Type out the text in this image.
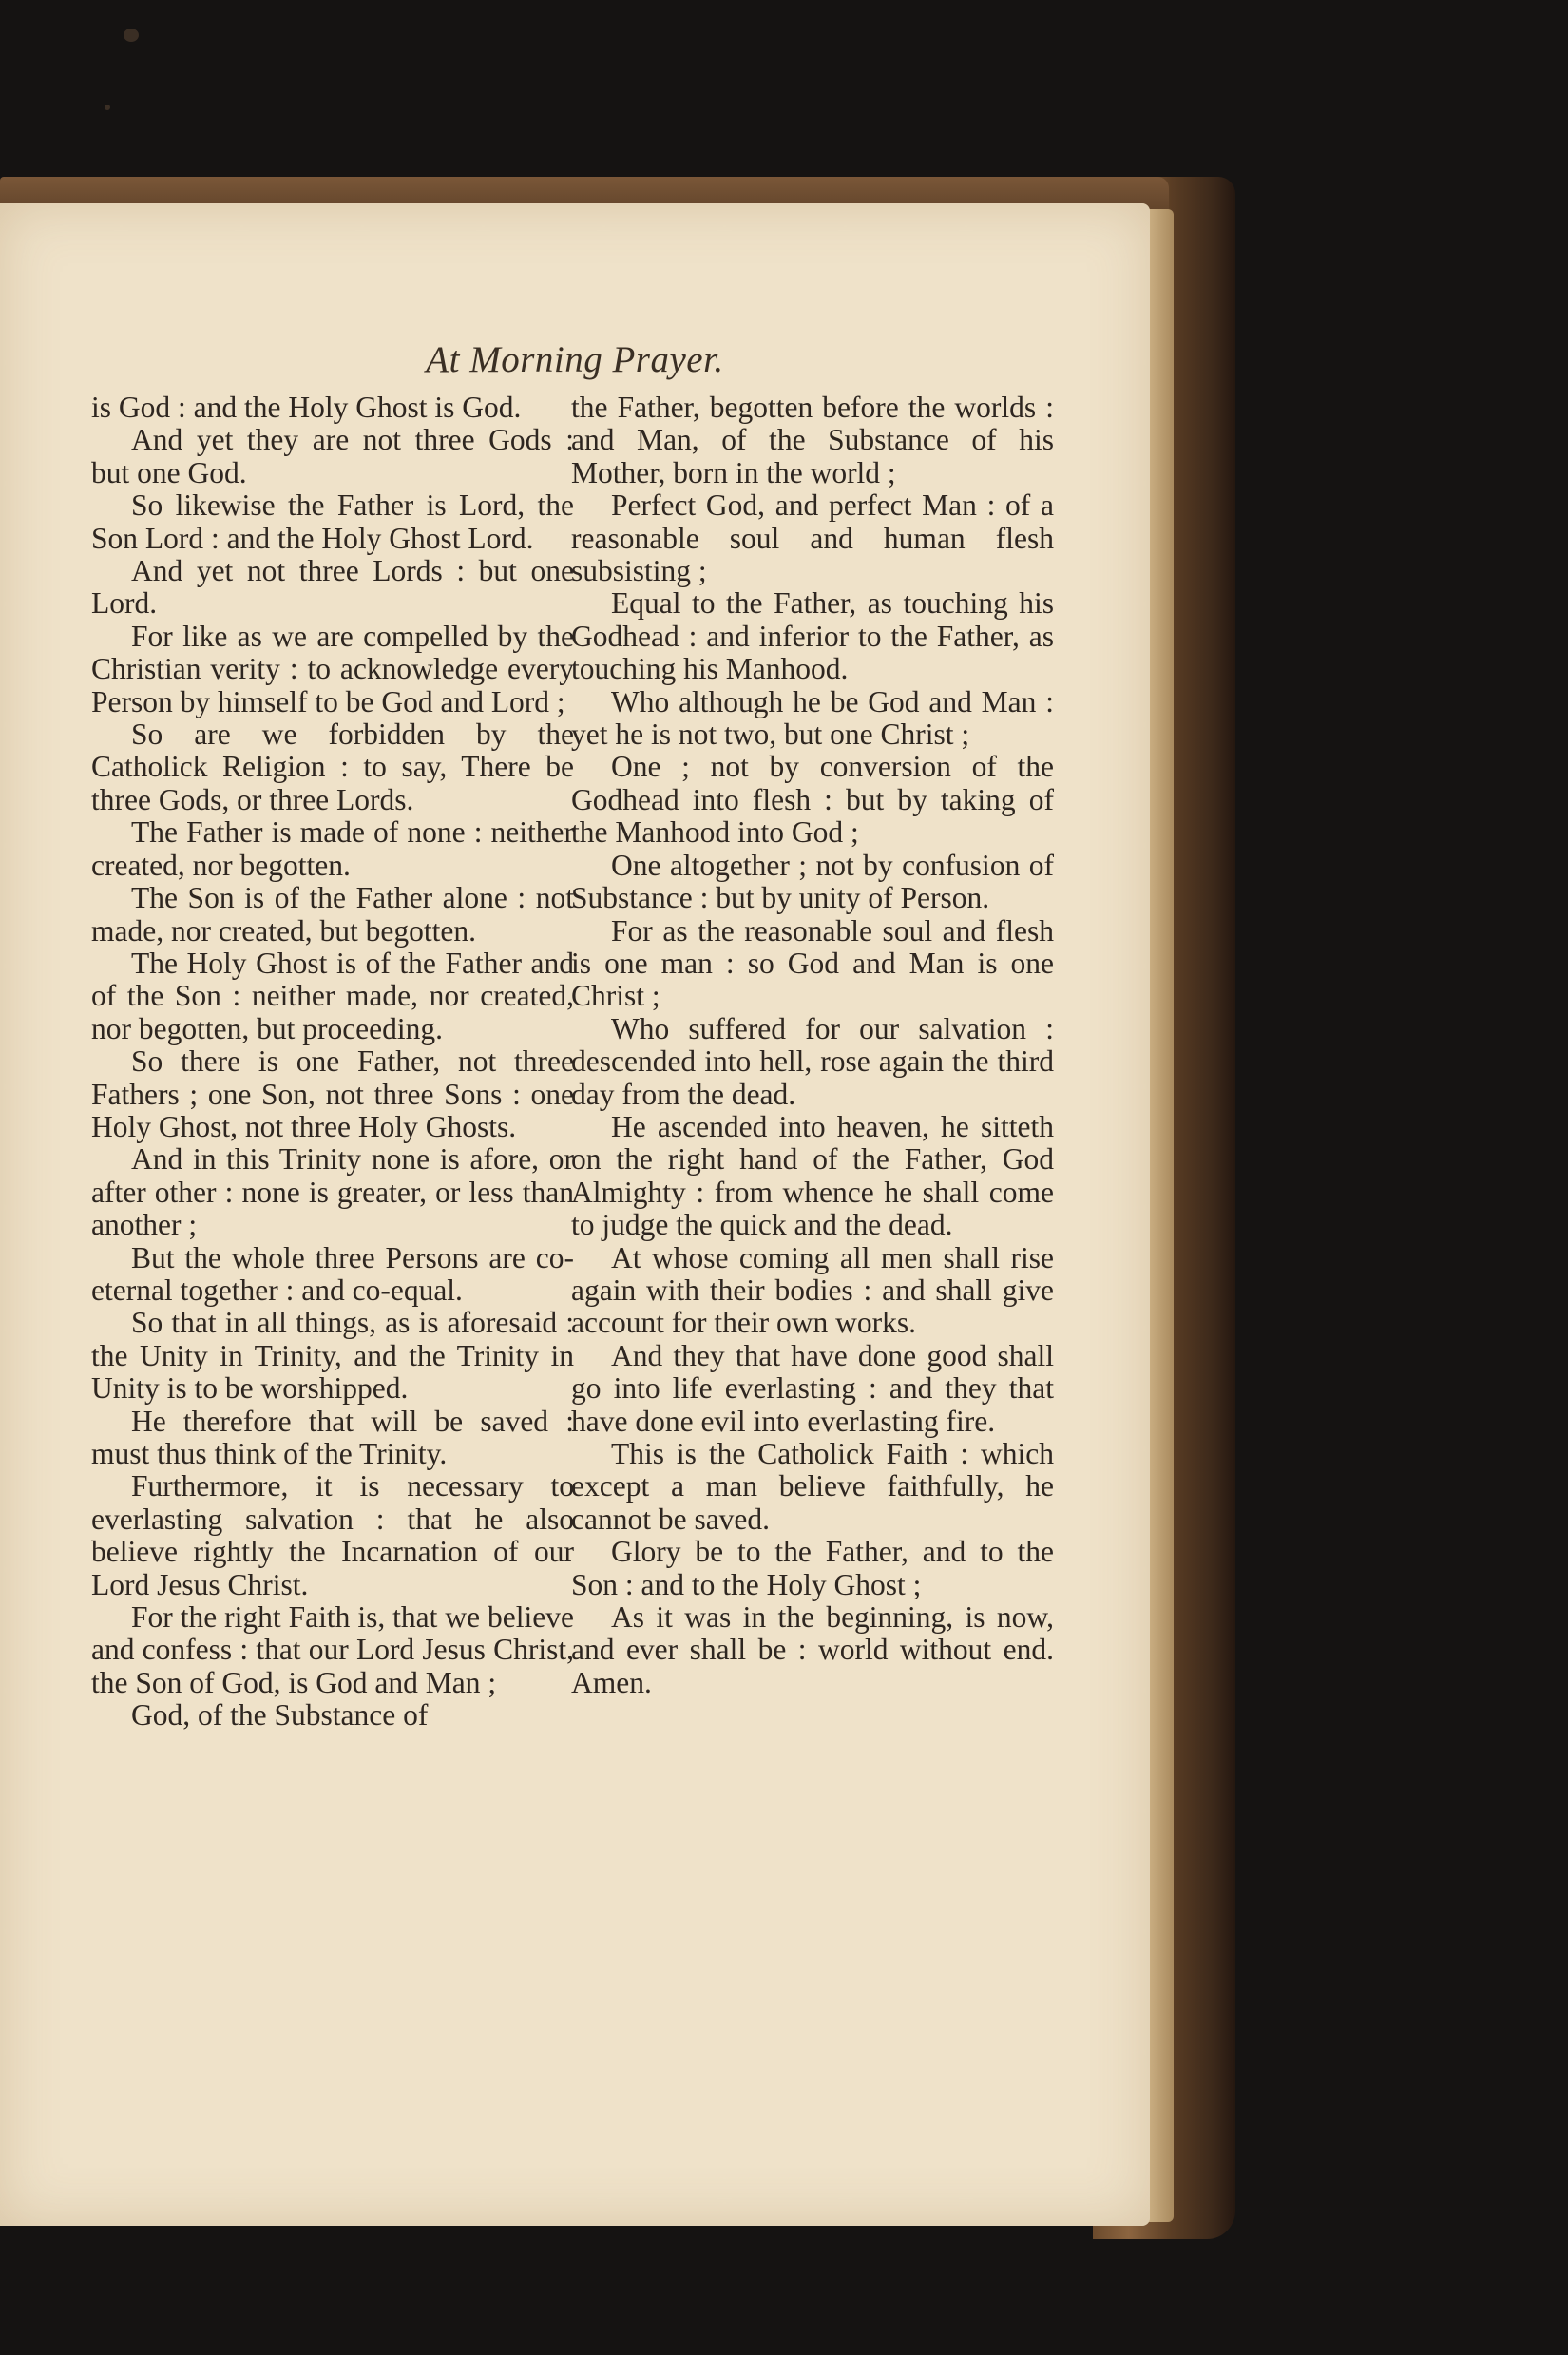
At Morning Prayer.

is God : and the Holy Ghost is God.

And yet they are not three Gods : but one God.

So likewise the Father is Lord, the Son Lord : and the Holy Ghost Lord.

And yet not three Lords : but one Lord.

For like as we are compelled by the Christian verity : to acknowledge every Person by himself to be God and Lord ;

So are we forbidden by the Catholick Religion : to say, There be three Gods, or three Lords.

The Father is made of none : neither created, nor begotten.

The Son is of the Father alone : not made, nor created, but begotten.

The Holy Ghost is of the Father and of the Son : neither made, nor created, nor begotten, but proceeding.

So there is one Father, not three Fathers ; one Son, not three Sons : one Holy Ghost, not three Holy Ghosts.

And in this Trinity none is afore, or after other : none is greater, or less than another ;

But the whole three Persons are co-eternal together : and co-equal.

So that in all things, as is aforesaid : the Unity in Trinity, and the Trinity in Unity is to be worshipped.

He therefore that will be saved : must thus think of the Trinity.

Furthermore, it is necessary to everlasting salvation : that he also believe rightly the Incarnation of our Lord Jesus Christ.

For the right Faith is, that we believe and confess : that our Lord Jesus Christ, the Son of God, is God and Man ;

God, of the Substance of

the Father, begotten before the worlds : and Man, of the Substance of his Mother, born in the world ;

Perfect God, and perfect Man : of a reasonable soul and human flesh subsisting ;

Equal to the Father, as touching his Godhead : and inferior to the Father, as touching his Manhood.

Who although he be God and Man : yet he is not two, but one Christ ;

One ; not by conversion of the Godhead into flesh : but by taking of the Manhood into God ;

One altogether ; not by confusion of Substance : but by unity of Person.

For as the reasonable soul and flesh is one man : so God and Man is one Christ ;

Who suffered for our salvation : descended into hell, rose again the third day from the dead.

He ascended into heaven, he sitteth on the right hand of the Father, God Almighty : from whence he shall come to judge the quick and the dead.

At whose coming all men shall rise again with their bodies : and shall give account for their own works.

And they that have done good shall go into life everlasting : and they that have done evil into everlasting fire.

This is the Catholick Faith : which except a man believe faithfully, he cannot be saved.

Glory be to the Father, and to the Son : and to the Holy Ghost ;

As it was in the beginning, is now, and ever shall be : world without end. Amen.
